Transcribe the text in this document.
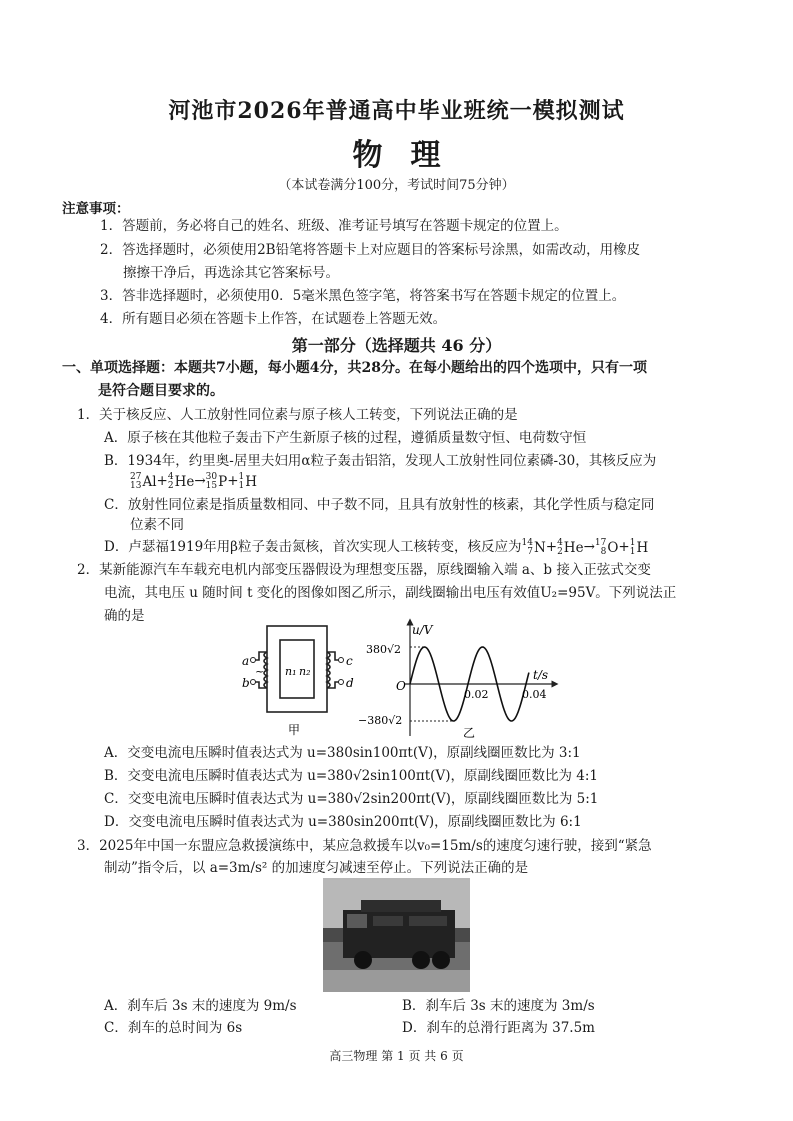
河池市2026年普通高中毕业班统一模拟测试
物理
（本试卷满分100分，考试时间75分钟）
注意事项：
1．答题前，务必将自己的姓名、班级、准考证号填写在答题卡规定的位置上。
2．答选择题时，必须使用2B铅笔将答题卡上对应题目的答案标号涂黑，如需改动，用橡皮
擦擦干净后，再选涂其它答案标号。
3．答非选择题时，必须使用0．5毫米黑色签字笔，将答案书写在答题卡规定的位置上。
4．所有题目必须在答题卡上作答，在试题卷上答题无效。
第一部分（选择题共 46 分）
一、单项选择题：本题共7小题，每小题4分，共28分。在每小题给出的四个选项中，只有一项
是符合题目要求的。
1．关于核反应、人工放射性同位素与原子核人工转变，下列说法正确的是
A．原子核在其他粒子轰击下产生新原子核的过程，遵循质量数守恒、电荷数守恒
B．1934年，约里奥-居里夫妇用α粒子轰击铝箔，发现人工放射性同位素磷-30，其核反应为
27
13 Al+ 4
2 He→ 30
15 P+ 1
1 H
C．放射性同位素是指质量数相同、中子数不同，且具有放射性的核素，其化学性质与稳定同
位素不同
D．卢瑟福1919年用β粒子轰击氮核，首次实现人工核转变，核反应为 14
7 N+ 4
2 He→ 17
8 O+ 1
1 H
2．某新能源汽车车载充电机内部变压器假设为理想变压器，原线圈输入端 a、b 接入正弦式交变
电流，其电压 u 随时间 t 变化的图像如图乙所示，副线圈输出电压有效值U₂=95V。下列说法正
确的是
a
b
c
d
~ n₁ n₂
甲
u/V
t/s
O
380√2
−380√2
0.02	0.04
乙
A．交变电流电压瞬时值表达式为 u=380sin100πt(V)，原副线圈匝数比为 3:1
B．交变电流电压瞬时值表达式为 u=380√2sin100πt(V)，原副线圈匝数比为 4:1
C．交变电流电压瞬时值表达式为 u=380√2sin200πt(V)，原副线圈匝数比为 5:1
D．交变电流电压瞬时值表达式为 u=380sin200πt(V)，原副线圈匝数比为 6:1
3．2025年中国一东盟应急救援演练中，某应急救援车以v₀=15m/s的速度匀速行驶，接到“紧急
制动”指令后，以 a=3m/s² 的加速度匀减速至停止。下列说法正确的是
A．刹车后 3s 末的速度为 9m/s	B．刹车后 3s 末的速度为 3m/s
C．刹车的总时间为 6s	D．刹车的总滑行距离为 37.5m
高三物理 第 1 页 共 6 页
